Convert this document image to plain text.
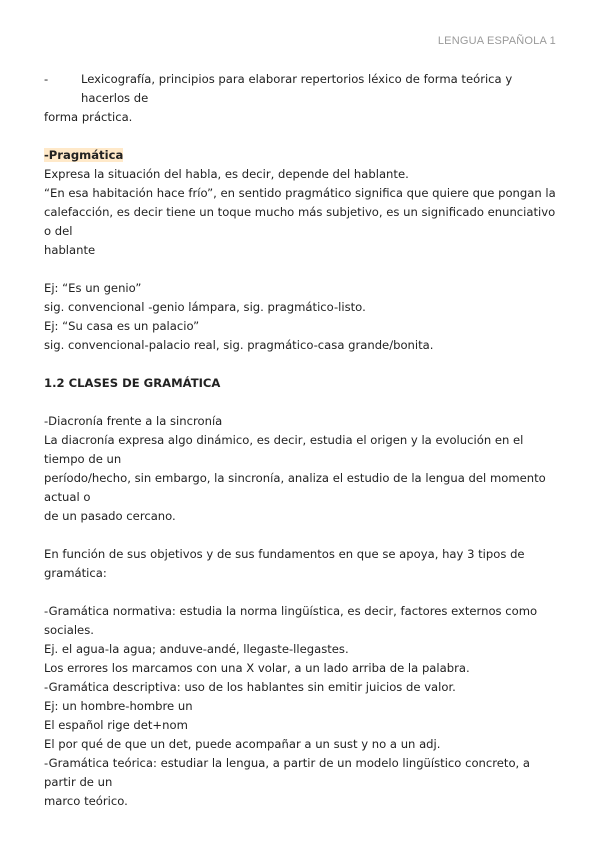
LENGUA ESPAÑOLA 1
-	Lexicografía, principios para elaborar repertorios léxico de forma teórica y hacerlos de
forma práctica.
-Pragmática
Expresa la situación del habla, es decir, depende del hablante.
“En esa habitación hace frío”, en sentido pragmático significa que quiere que pongan la
calefacción, es decir tiene un toque mucho más subjetivo, es un significado enunciativo o del
hablante
Ej: “Es un genio”
sig. convencional -genio lámpara, sig. pragmático-listo.
Ej: “Su casa es un palacio”
sig. convencional-palacio real, sig. pragmático-casa grande/bonita.
1.2 CLASES DE GRAMÁTICA
-Diacronía frente a la sincronía
La diacronía expresa algo dinámico, es decir, estudia el origen y la evolución en el tiempo de un
período/hecho, sin embargo, la sincronía, analiza el estudio de la lengua del momento actual o
de un pasado cercano.
En función de sus objetivos y de sus fundamentos en que se apoya, hay 3 tipos de gramática:
-Gramática normativa: estudia la norma lingüística, es decir, factores externos como sociales.
Ej. el agua-la agua; anduve-andé, llegaste-llegastes.
Los errores los marcamos con una X volar, a un lado arriba de la palabra.
-Gramática descriptiva: uso de los hablantes sin emitir juicios de valor.
Ej: un hombre-hombre un
El español rige det+nom
El por qué de que un det, puede acompañar a un sust y no a un adj.
-Gramática teórica: estudiar la lengua, a partir de un modelo lingüístico concreto, a partir de un
marco teórico.
